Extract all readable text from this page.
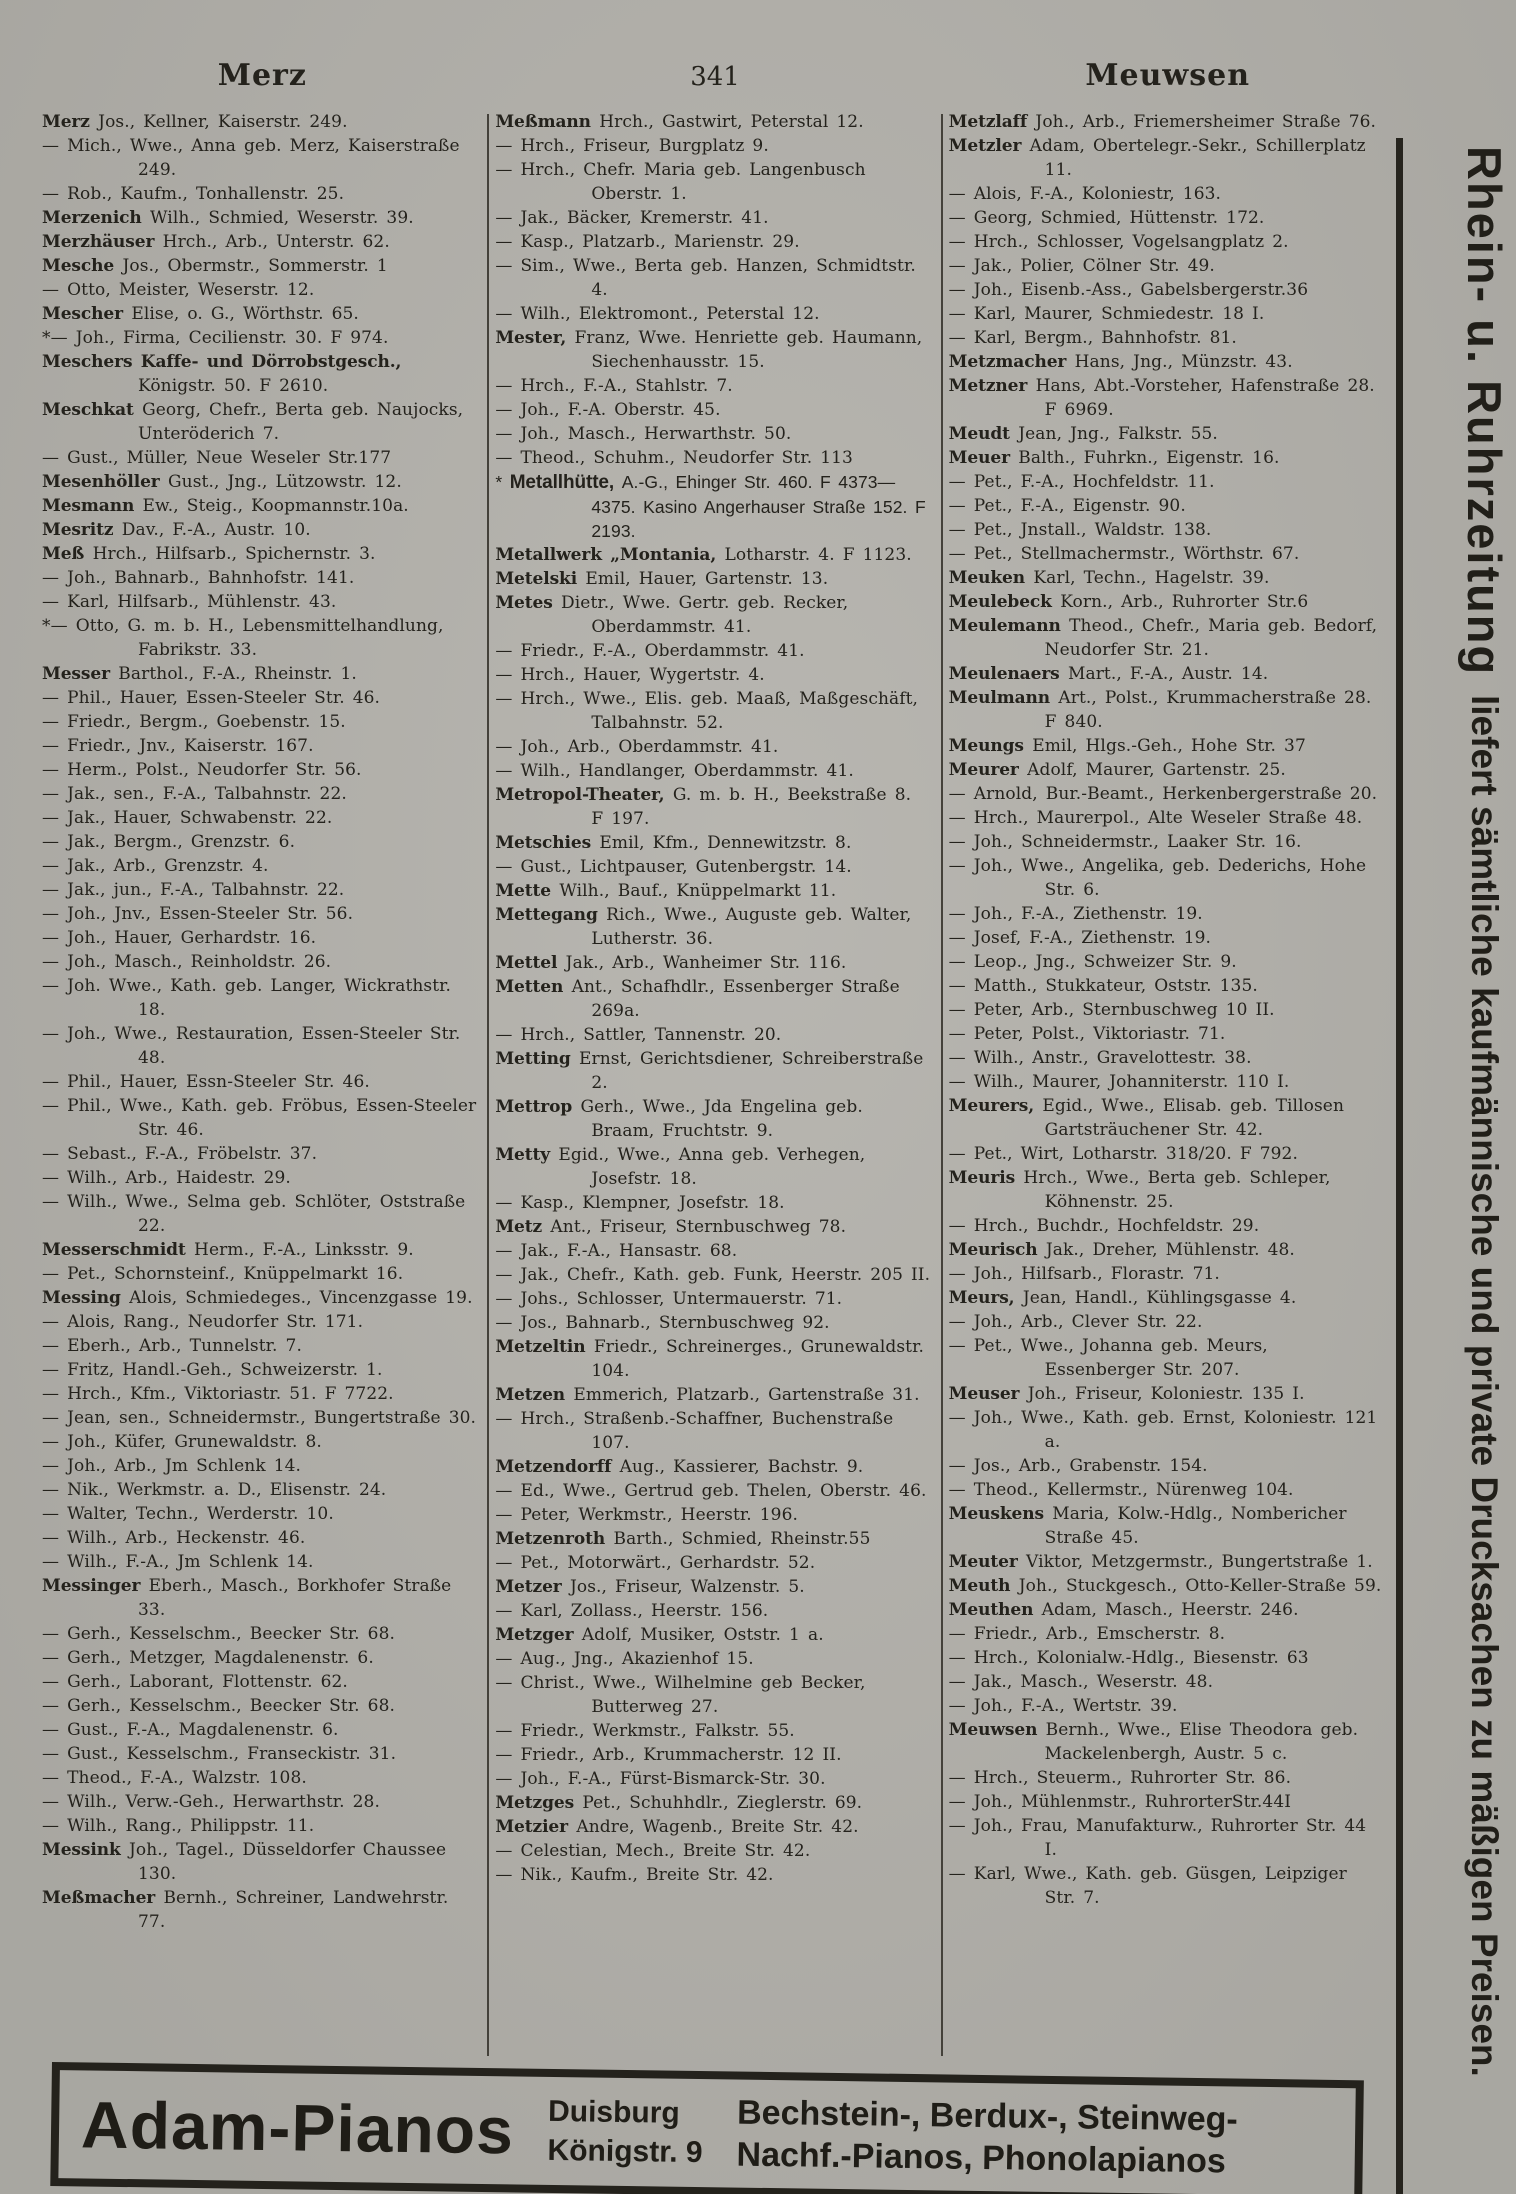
Merz	341	Meuwsen
Merz Jos., Kellner, Kaiserstr. 249.
— Mich., Wwe., Anna geb. Merz, Kaiserstraße 249.
— Rob., Kaufm., Tonhallenstr. 25.
Merzenich Wilh., Schmied, Weserstr. 39.
Merzhäuser Hrch., Arb., Unterstr. 62.
Mesche Jos., Obermstr., Sommerstr. 1
— Otto, Meister, Weserstr. 12.
Mescher Elise, o. G., Wörthstr. 65.
*— Joh., Firma, Cecilienstr. 30. F 974.
Meschers Kaffe- und Dörrobstgesch., Königstr. 50. F 2610.
Meschkat Georg, Chefr., Berta geb. Naujocks, Unteröderich 7.
— Gust., Müller, Neue Weseler Str.177
Mesenhöller Gust., Jng., Lützowstr. 12.
Mesmann Ew., Steig., Koopmannstr.10a.
Mesritz Dav., F.-A., Austr. 10.
Meß Hrch., Hilfsarb., Spichernstr. 3.
— Joh., Bahnarb., Bahnhofstr. 141.
— Karl, Hilfsarb., Mühlenstr. 43.
*— Otto, G. m. b. H., Lebensmittelhandlung, Fabrikstr. 33.
Messer Barthol., F.-A., Rheinstr. 1.
— Phil., Hauer, Essen-Steeler Str. 46.
— Friedr., Bergm., Goebenstr. 15.
— Friedr., Jnv., Kaiserstr. 167.
— Herm., Polst., Neudorfer Str. 56.
— Jak., sen., F.-A., Talbahnstr. 22.
— Jak., Hauer, Schwabenstr. 22.
— Jak., Bergm., Grenzstr. 6.
— Jak., Arb., Grenzstr. 4.
— Jak., jun., F.-A., Talbahnstr. 22.
— Joh., Jnv., Essen-Steeler Str. 56.
— Joh., Hauer, Gerhardstr. 16.
— Joh., Masch., Reinholdstr. 26.
— Joh. Wwe., Kath. geb. Langer, Wickrathstr. 18.
— Joh., Wwe., Restauration, Essen-Steeler Str. 48.
— Phil., Hauer, Essn-Steeler Str. 46.
— Phil., Wwe., Kath. geb. Fröbus, Essen-Steeler Str. 46.
— Sebast., F.-A., Fröbelstr. 37.
— Wilh., Arb., Haidestr. 29.
— Wilh., Wwe., Selma geb. Schlöter, Oststraße 22.
Messerschmidt Herm., F.-A., Linksstr. 9.
— Pet., Schornsteinf., Knüppelmarkt 16.
Messing Alois, Schmiedeges., Vincenzgasse 19.
— Alois, Rang., Neudorfer Str. 171.
— Eberh., Arb., Tunnelstr. 7.
— Fritz, Handl.-Geh., Schweizerstr. 1.
— Hrch., Kfm., Viktoriastr. 51. F 7722.
— Jean, sen., Schneidermstr., Bungertstraße 30.
— Joh., Küfer, Grunewaldstr. 8.
— Joh., Arb., Jm Schlenk 14.
— Nik., Werkmstr. a. D., Elisenstr. 24.
— Walter, Techn., Werderstr. 10.
— Wilh., Arb., Heckenstr. 46.
— Wilh., F.-A., Jm Schlenk 14.
Messinger Eberh., Masch., Borkhofer Straße 33.
— Gerh., Kesselschm., Beecker Str. 68.
— Gerh., Metzger, Magdalenenstr. 6.
— Gerh., Laborant, Flottenstr. 62.
— Gerh., Kesselschm., Beecker Str. 68.
— Gust., F.-A., Magdalenenstr. 6.
— Gust., Kesselschm., Franseckistr. 31.
— Theod., F.-A., Walzstr. 108.
— Wilh., Verw.-Geh., Herwarthstr. 28.
— Wilh., Rang., Philippstr. 11.
Messink Joh., Tagel., Düsseldorfer Chaussee 130.
Meßmacher Bernh., Schreiner, Landwehrstr. 77.
Meßmann Hrch., Gastwirt, Peterstal 12.
— Hrch., Friseur, Burgplatz 9.
— Hrch., Chefr. Maria geb. Langenbusch Oberstr. 1.
— Jak., Bäcker, Kremerstr. 41.
— Kasp., Platzarb., Marienstr. 29.
— Sim., Wwe., Berta geb. Hanzen, Schmidtstr. 4.
— Wilh., Elektromont., Peterstal 12.
Mester, Franz, Wwe. Henriette geb. Haumann, Siechenhausstr. 15.
— Hrch., F.-A., Stahlstr. 7.
— Joh., F.-A. Oberstr. 45.
— Joh., Masch., Herwarthstr. 50.
— Theod., Schuhm., Neudorfer Str. 113
* Metallhütte, A.-G., Ehinger Str. 460. F 4373—4375. Kasino Angerhauser Straße 152. F 2193.
Metallwerk „Montania, Lotharstr. 4. F 1123.
Metelski Emil, Hauer, Gartenstr. 13.
Metes Dietr., Wwe. Gertr. geb. Recker, Oberdammstr. 41.
— Friedr., F.-A., Oberdammstr. 41.
— Hrch., Hauer, Wygertstr. 4.
— Hrch., Wwe., Elis. geb. Maaß, Maßgeschäft, Talbahnstr. 52.
— Joh., Arb., Oberdammstr. 41.
— Wilh., Handlanger, Oberdammstr. 41.
Metropol-Theater, G. m. b. H., Beekstraße 8. F 197.
Metschies Emil, Kfm., Dennewitzstr. 8.
— Gust., Lichtpauser, Gutenbergstr. 14.
Mette Wilh., Bauf., Knüppelmarkt 11.
Mettegang Rich., Wwe., Auguste geb. Walter, Lutherstr. 36.
Mettel Jak., Arb., Wanheimer Str. 116.
Metten Ant., Schafhdlr., Essenberger Straße 269a.
— Hrch., Sattler, Tannenstr. 20.
Metting Ernst, Gerichtsdiener, Schreiberstraße 2.
Mettrop Gerh., Wwe., Jda Engelina geb. Braam, Fruchtstr. 9.
Metty Egid., Wwe., Anna geb. Verhegen, Josefstr. 18.
— Kasp., Klempner, Josefstr. 18.
Metz Ant., Friseur, Sternbuschweg 78.
— Jak., F.-A., Hansastr. 68.
— Jak., Chefr., Kath. geb. Funk, Heerstr. 205 II.
— Johs., Schlosser, Untermauerstr. 71.
— Jos., Bahnarb., Sternbuschweg 92.
Metzeltin Friedr., Schreinerges., Grunewaldstr. 104.
Metzen Emmerich, Platzarb., Gartenstraße 31.
— Hrch., Straßenb.-Schaffner, Buchenstraße 107.
Metzendorff Aug., Kassierer, Bachstr. 9.
— Ed., Wwe., Gertrud geb. Thelen, Oberstr. 46.
— Peter, Werkmstr., Heerstr. 196.
Metzenroth Barth., Schmied, Rheinstr.55
— Pet., Motorwärt., Gerhardstr. 52.
Metzer Jos., Friseur, Walzenstr. 5.
— Karl, Zollass., Heerstr. 156.
Metzger Adolf, Musiker, Oststr. 1 a.
— Aug., Jng., Akazienhof 15.
— Christ., Wwe., Wilhelmine geb Becker, Butterweg 27.
— Friedr., Werkmstr., Falkstr. 55.
— Friedr., Arb., Krummacherstr. 12 II.
— Joh., F.-A., Fürst-Bismarck-Str. 30.
Metzges Pet., Schuhhdlr., Zieglerstr. 69.
Metzier Andre, Wagenb., Breite Str. 42.
— Celestian, Mech., Breite Str. 42.
— Nik., Kaufm., Breite Str. 42.
Metzlaff Joh., Arb., Friemersheimer Straße 76.
Metzler Adam, Obertelegr.-Sekr., Schillerplatz 11.
— Alois, F.-A., Koloniestr, 163.
— Georg, Schmied, Hüttenstr. 172.
— Hrch., Schlosser, Vogelsangplatz 2.
— Jak., Polier, Cölner Str. 49.
— Joh., Eisenb.-Ass., Gabelsbergerstr.36
— Karl, Maurer, Schmiedestr. 18 I.
— Karl, Bergm., Bahnhofstr. 81.
Metzmacher Hans, Jng., Münzstr. 43.
Metzner Hans, Abt.-Vorsteher, Hafenstraße 28. F 6969.
Meudt Jean, Jng., Falkstr. 55.
Meuer Balth., Fuhrkn., Eigenstr. 16.
— Pet., F.-A., Hochfeldstr. 11.
— Pet., F.-A., Eigenstr. 90.
— Pet., Jnstall., Waldstr. 138.
— Pet., Stellmachermstr., Wörthstr. 67.
Meuken Karl, Techn., Hagelstr. 39.
Meulebeck Korn., Arb., Ruhrorter Str.6
Meulemann Theod., Chefr., Maria geb. Bedorf, Neudorfer Str. 21.
Meulenaers Mart., F.-A., Austr. 14.
Meulmann Art., Polst., Krummacherstraße 28. F 840.
Meungs Emil, Hlgs.-Geh., Hohe Str. 37
Meurer Adolf, Maurer, Gartenstr. 25.
— Arnold, Bur.-Beamt., Herkenbergerstraße 20.
— Hrch., Maurerpol., Alte Weseler Straße 48.
— Joh., Schneidermstr., Laaker Str. 16.
— Joh., Wwe., Angelika, geb. Dederichs, Hohe Str. 6.
— Joh., F.-A., Ziethenstr. 19.
— Josef, F.-A., Ziethenstr. 19.
— Leop., Jng., Schweizer Str. 9.
— Matth., Stukkateur, Oststr. 135.
— Peter, Arb., Sternbuschweg 10 II.
— Peter, Polst., Viktoriastr. 71.
— Wilh., Anstr., Gravelottestr. 38.
— Wilh., Maurer, Johanniterstr. 110 I.
Meurers, Egid., Wwe., Elisab. geb. Tillosen Gartsträuchener Str. 42.
— Pet., Wirt, Lotharstr. 318/20. F 792.
Meuris Hrch., Wwe., Berta geb. Schleper, Köhnenstr. 25.
— Hrch., Buchdr., Hochfeldstr. 29.
Meurisch Jak., Dreher, Mühlenstr. 48.
— Joh., Hilfsarb., Florastr. 71.
Meurs, Jean, Handl., Kühlingsgasse 4.
— Joh., Arb., Clever Str. 22.
— Pet., Wwe., Johanna geb. Meurs, Essenberger Str. 207.
Meuser Joh., Friseur, Koloniestr. 135 I.
— Joh., Wwe., Kath. geb. Ernst, Koloniestr. 121 a.
— Jos., Arb., Grabenstr. 154.
— Theod., Kellermstr., Nürenweg 104.
Meuskens Maria, Kolw.-Hdlg., Nombericher Straße 45.
Meuter Viktor, Metzgermstr., Bungertstraße 1.
Meuth Joh., Stuckgesch., Otto-Keller-Straße 59.
Meuthen Adam, Masch., Heerstr. 246.
— Friedr., Arb., Emscherstr. 8.
— Hrch., Kolonialw.-Hdlg., Biesenstr. 63
— Jak., Masch., Weserstr. 48.
— Joh., F.-A., Wertstr. 39.
Meuwsen Bernh., Wwe., Elise Theodora geb. Mackelenbergh, Austr. 5 c.
— Hrch., Steuerm., Ruhrorter Str. 86.
— Joh., Mühlenmstr., RuhrorterStr.44I
— Joh., Frau, Manufakturw., Ruhrorter Str. 44 I.
— Karl, Wwe., Kath. geb. Güsgen, Leipziger Str. 7.
Rhein- u. Ruhrzeitung liefert sämtliche kaufmännische und private Drucksachen zu mäßigen Preisen.
Adam-Pianos Duisburg
Königstr. 9
Bechstein-, Berdux-, Steinweg-
Nachf.-Pianos, Phonolapianos
